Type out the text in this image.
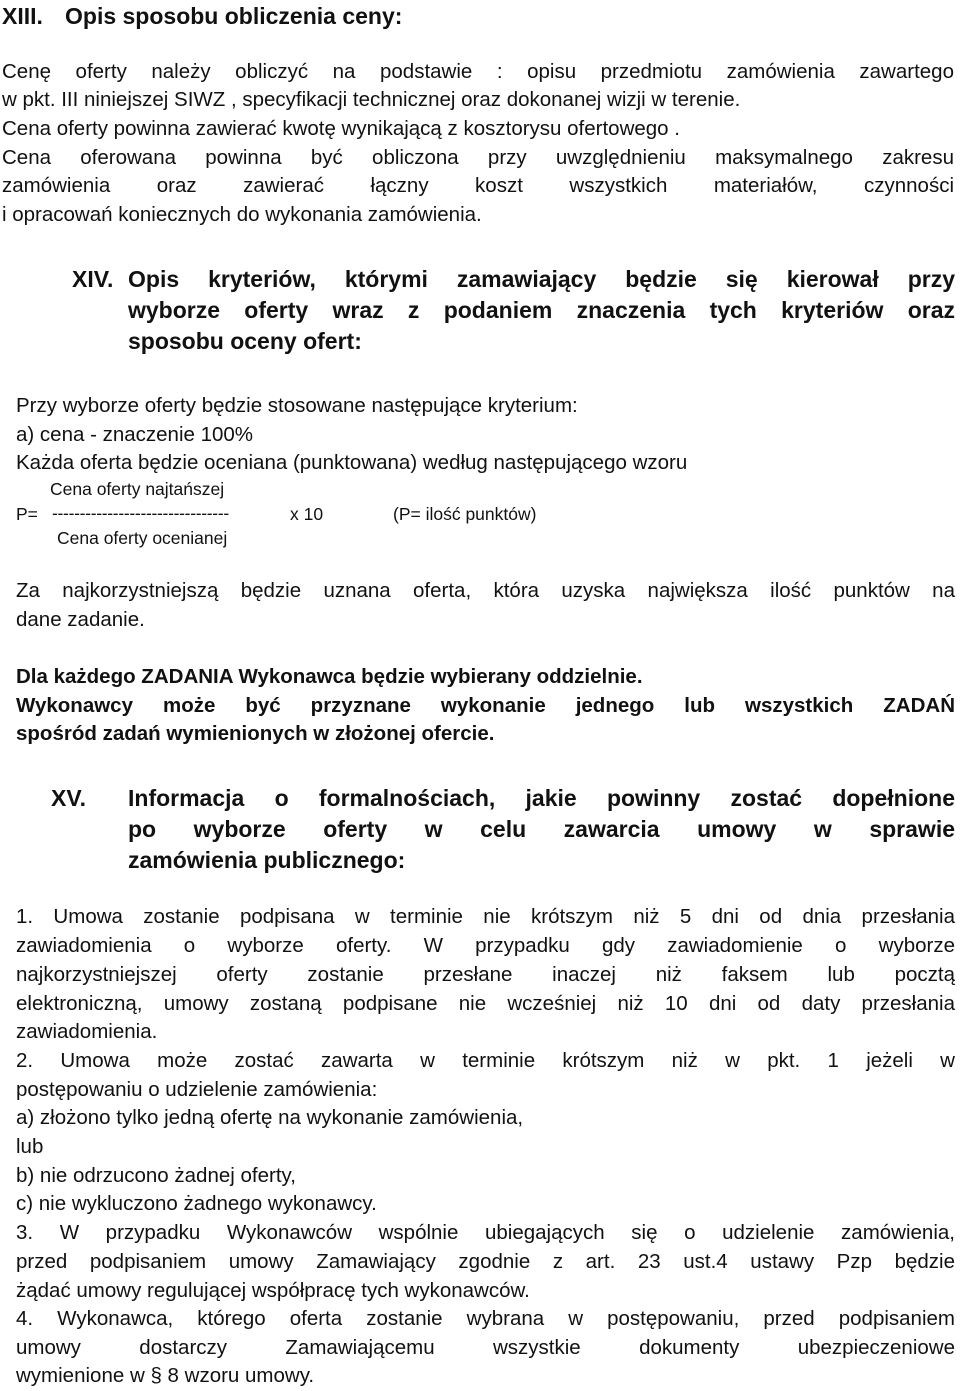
XIII. Opis sposobu obliczenia ceny:
Cenę oferty należy obliczyć na podstawie : opisu przedmiotu zamówienia zawartego
w pkt. III niniejszej SIWZ , specyfikacji technicznej oraz dokonanej wizji w terenie.
Cena oferty powinna zawierać kwotę wynikającą z kosztorysu ofertowego .
Cena oferowana powinna być obliczona przy uwzględnieniu maksymalnego zakresu
zamówienia oraz zawierać łączny koszt wszystkich materiałów, czynności
i opracowań koniecznych do wykonania zamówienia.
XIV. Opis kryteriów, którymi zamawiający będzie się kierował przy
wyborze oferty wraz z podaniem znaczenia tych kryteriów oraz
sposobu oceny ofert:
Przy wyborze oferty będzie stosowane następujące kryterium:
a) cena - znaczenie 100%
Każda oferta będzie oceniana (punktowana) według następującego wzoru
Cena oferty najtańszej
P= --------------------------------	x 10	(P= ilość punktów)
Cena oferty ocenianej
Za najkorzystniejszą będzie uznana oferta, która uzyska największa ilość punktów na
dane zadanie.
Dla każdego ZADANIA Wykonawca będzie wybierany oddzielnie.
Wykonawcy może być przyznane wykonanie jednego lub wszystkich ZADAŃ
spośród zadań wymienionych w złożonej ofercie.
XV. Informacja o formalnościach, jakie powinny zostać dopełnione
po wyborze oferty w celu zawarcia umowy w sprawie
zamówienia publicznego:
1. Umowa zostanie podpisana w terminie nie krótszym niż 5 dni od dnia przesłania
zawiadomienia o wyborze oferty. W przypadku gdy zawiadomienie o wyborze
najkorzystniejszej oferty zostanie przesłane inaczej niż faksem lub pocztą
elektroniczną, umowy zostaną podpisane nie wcześniej niż 10 dni od daty przesłania
zawiadomienia.
2. Umowa może zostać zawarta w terminie krótszym niż w pkt. 1 jeżeli w
postępowaniu o udzielenie zamówienia:
a) złożono tylko jedną ofertę na wykonanie zamówienia,
lub
b) nie odrzucono żadnej oferty,
c) nie wykluczono żadnego wykonawcy.
3. W przypadku Wykonawców wspólnie ubiegających się o udzielenie zamówienia,
przed podpisaniem umowy Zamawiający zgodnie z art. 23 ust.4 ustawy Pzp będzie
żądać umowy regulującej współpracę tych wykonawców.
4. Wykonawca, którego oferta zostanie wybrana w postępowaniu, przed podpisaniem
umowy dostarczy Zamawiającemu wszystkie dokumenty ubezpieczeniowe
wymienione w § 8 wzoru umowy.
